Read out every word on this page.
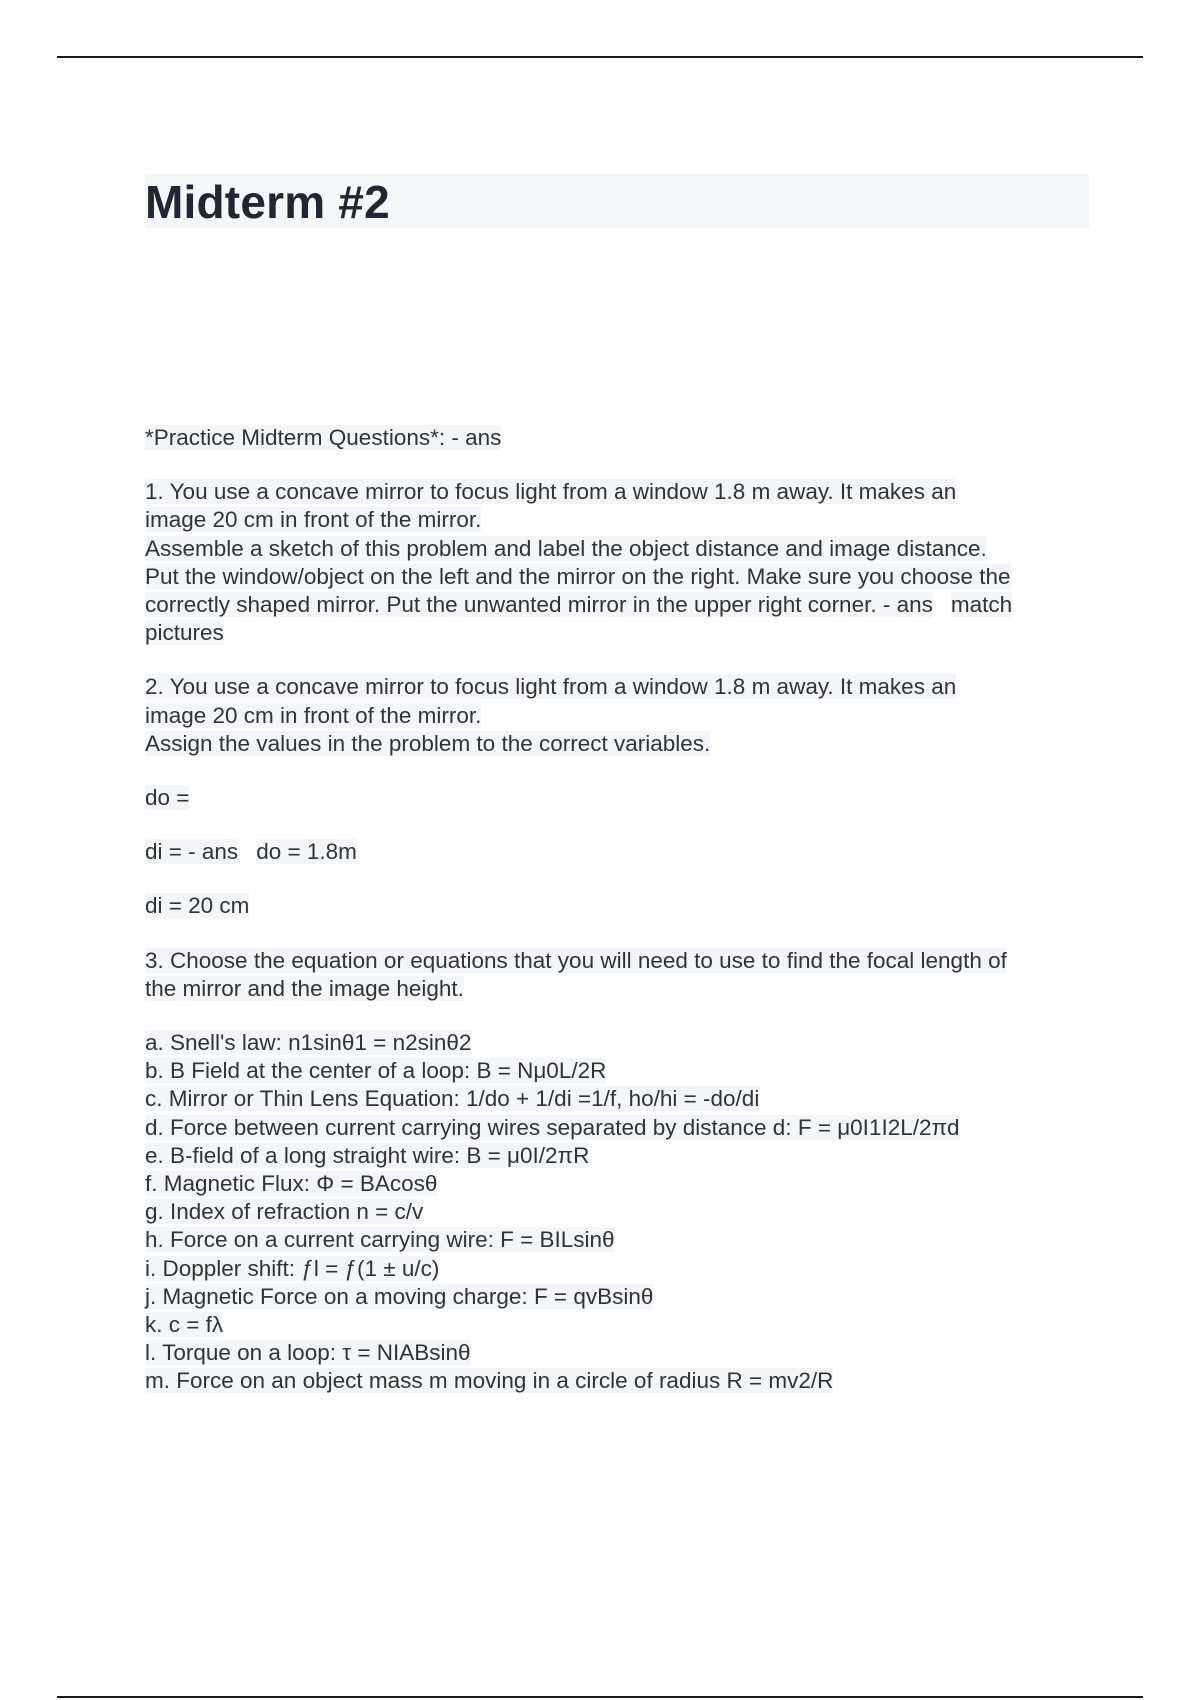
Midterm #2

*Practice Midterm Questions*: - ans

1. You use a concave mirror to focus light from a window 1.8 m away. It makes an
image 20 cm in front of the mirror.
Assemble a sketch of this problem and label the object distance and image distance.
Put the window/object on the left and the mirror on the right. Make sure you choose the
correctly shaped mirror. Put the unwanted mirror in the upper right corner. - ans match
pictures

2. You use a concave mirror to focus light from a window 1.8 m away. It makes an
image 20 cm in front of the mirror.
Assign the values in the problem to the correct variables.

do =

di = - ans do = 1.8m

di = 20 cm

3. Choose the equation or equations that you will need to use to find the focal length of
the mirror and the image height.

a. Snell's law: n1sinθ1 = n2sinθ2
b. B Field at the center of a loop: B = Nμ0L/2R
c. Mirror or Thin Lens Equation: 1/do + 1/di =1/f, ho/hi = -do/di
d. Force between current carrying wires separated by distance d: F = μ0I1I2L/2πd
e. B-field of a long straight wire: B = μ0I/2πR
f. Magnetic Flux: Φ = BAcosθ
g. Index of refraction n = c/v
h. Force on a current carrying wire: F = BILsinθ
i. Doppler shift: ƒl = ƒ(1 ± u/c)
j. Magnetic Force on a moving charge: F = qvBsinθ
k. c = fλ
l. Torque on a loop: τ = NIABsinθ
m. Force on an object mass m moving in a circle of radius R = mv2/R
